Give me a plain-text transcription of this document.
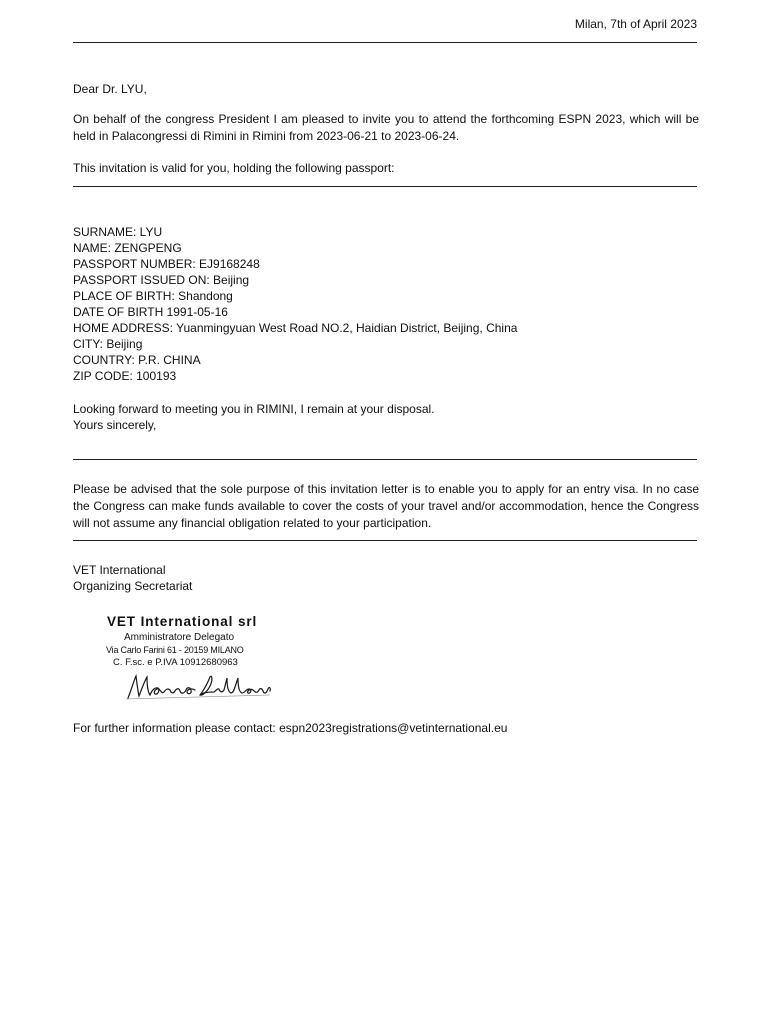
Milan, 7th of April 2023
Dear Dr. LYU,
On behalf of the congress President I am pleased to invite you to attend the forthcoming ESPN 2023, which will be held in Palacongressi di Rimini in Rimini from 2023-06-21 to 2023-06-24.
This invitation is valid for you, holding the following passport:
SURNAME: LYU
NAME: ZENGPENG
PASSPORT NUMBER: EJ9168248
PASSPORT ISSUED ON: Beijing
PLACE OF BIRTH: Shandong
DATE OF BIRTH 1991-05-16
HOME ADDRESS: Yuanmingyuan West Road NO.2, Haidian District, Beijing, China
CITY: Beijing
COUNTRY: P.R. CHINA
ZIP CODE: 100193
Looking forward to meeting you in RIMINI, I remain at your disposal.
Yours sincerely,
Please be advised that the sole purpose of this invitation letter is to enable you to apply for an entry visa. In no case the Congress can make funds available to cover the costs of your travel and/or accommodation, hence the Congress will not assume any financial obligation related to your participation.
VET International
Organizing Secretariat
VET International srl
Amministratore Delegato
Via Carlo Farini 61 - 20159 MILANO
C. F.sc. e P.IVA 10912680963
For further information please contact: espn2023registrations@vetinternational.eu
